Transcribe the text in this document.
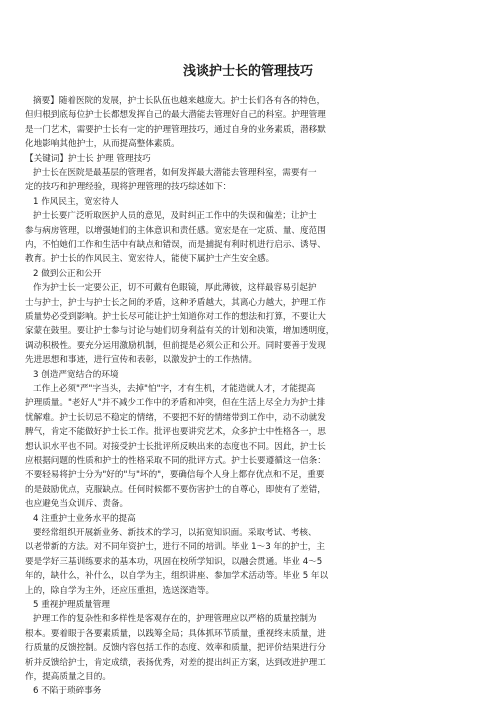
浅谈护士长的管理技巧
摘要】随着医院的发展，护士长队伍也越来越庞大。护士长们各有各的特色，
但归根到底每位护士长都想发挥自己的最大潜能去管理好自己的科室。护理管理
是一门艺术，需要护士长有一定的护理管理技巧，通过自身的业务素质，潜移默
化地影响其他护士，从而提高整体素质。
【关键词】护士长 护理 管理技巧
护士长在医院是最基层的管理者，如何发挥最大潜能去管理科室，需要有一
定的技巧和护理经验，现将护理管理的技巧综述如下：
1 作风民主，宽宏待人
护士长要广泛听取医护人员的意见，及时纠正工作中的失误和偏差；让护士
参与病房管理，以增强她们的主体意识和责任感。宽宏是在一定质、量、度范围
内，不怕她们工作和生活中有缺点和错误，而是捕捉有利时机进行启示、诱导、
教育。护士长的作风民主、宽宏待人，能使下属护士产生安全感。
2 做到公正和公开
作为护士长一定要公正，切不可戴有色眼镜，厚此薄彼，这样最容易引起护
士与护士，护士与护士长之间的矛盾，这种矛盾越大，其离心力越大，护理工作
质量势必受到影响。护士长尽可能让护士知道你对工作的想法和打算，不要让大
家蒙在鼓里。要让护士参与讨论与她们切身利益有关的计划和决策，增加透明度，
调动积极性。要充分运用激励机制，但前提是必须公正和公开。同时要善于发现
先进思想和事迹，进行宣传和表彰，以激发护士的工作热情。
3 创造严宽结合的环境
工作上必须"严"字当头，去掉"怕"字，才有生机，才能造就人才，才能提高
护理质量。"老好人"并不减少工作中的矛盾和冲突，但在生活上尽全力为护士排
忧解难。护士长切忌不稳定的情绪，不要把不好的情绪带到工作中，动不动就发
脾气，肯定不能做好护士长工作。批评也要讲究艺术，众多护士中性格各一，思
想认识水平也不同。对接受护士长批评所反映出来的态度也不同。因此，护士长
应根据问题的性质和护士的性格采取不同的批评方式。护士长要遵循这一信条：
不要轻易将护士分为"好的"与"坏的"，要确信每个人身上都存优点和不足，重要
的是鼓励优点，克服缺点。任何时候都不要伤害护士的自尊心，即使有了差错，
也应避免当众训斥、责备。
4 注重护士业务水平的提高
要经常组织开展新业务、新技术的学习，以拓宽知识面。采取考试、考核、
以老带新的方法。对不同年资护士，进行不同的培训。毕业 1～3 年的护士，主
要是学好三基训练要求的基本功，巩固在校所学知识，以融会贯通。毕业 4～5
年的，缺什么，补什么，以自学为主，组织讲座、参加学术活动等。毕业 5 年以
上的，除自学为主外，还应压重担，选送深造等。
5 重视护理质量管理
护理工作的复杂性和多样性是客观存在的，护理管理应以严格的质量控制为
根本。要着眼于各要素质量，以践筹全局；具体抓环节质量，重视终末质量，进
行质量的反馈控制。反馈内容包括工作的态度、效率和质量，把评价结果进行分
析并反馈给护士，肯定成绩，表扬优秀，对差的提出纠正方案，达到改进护理工
作，提高质量之目的。
6 不陷于琐碎事务
